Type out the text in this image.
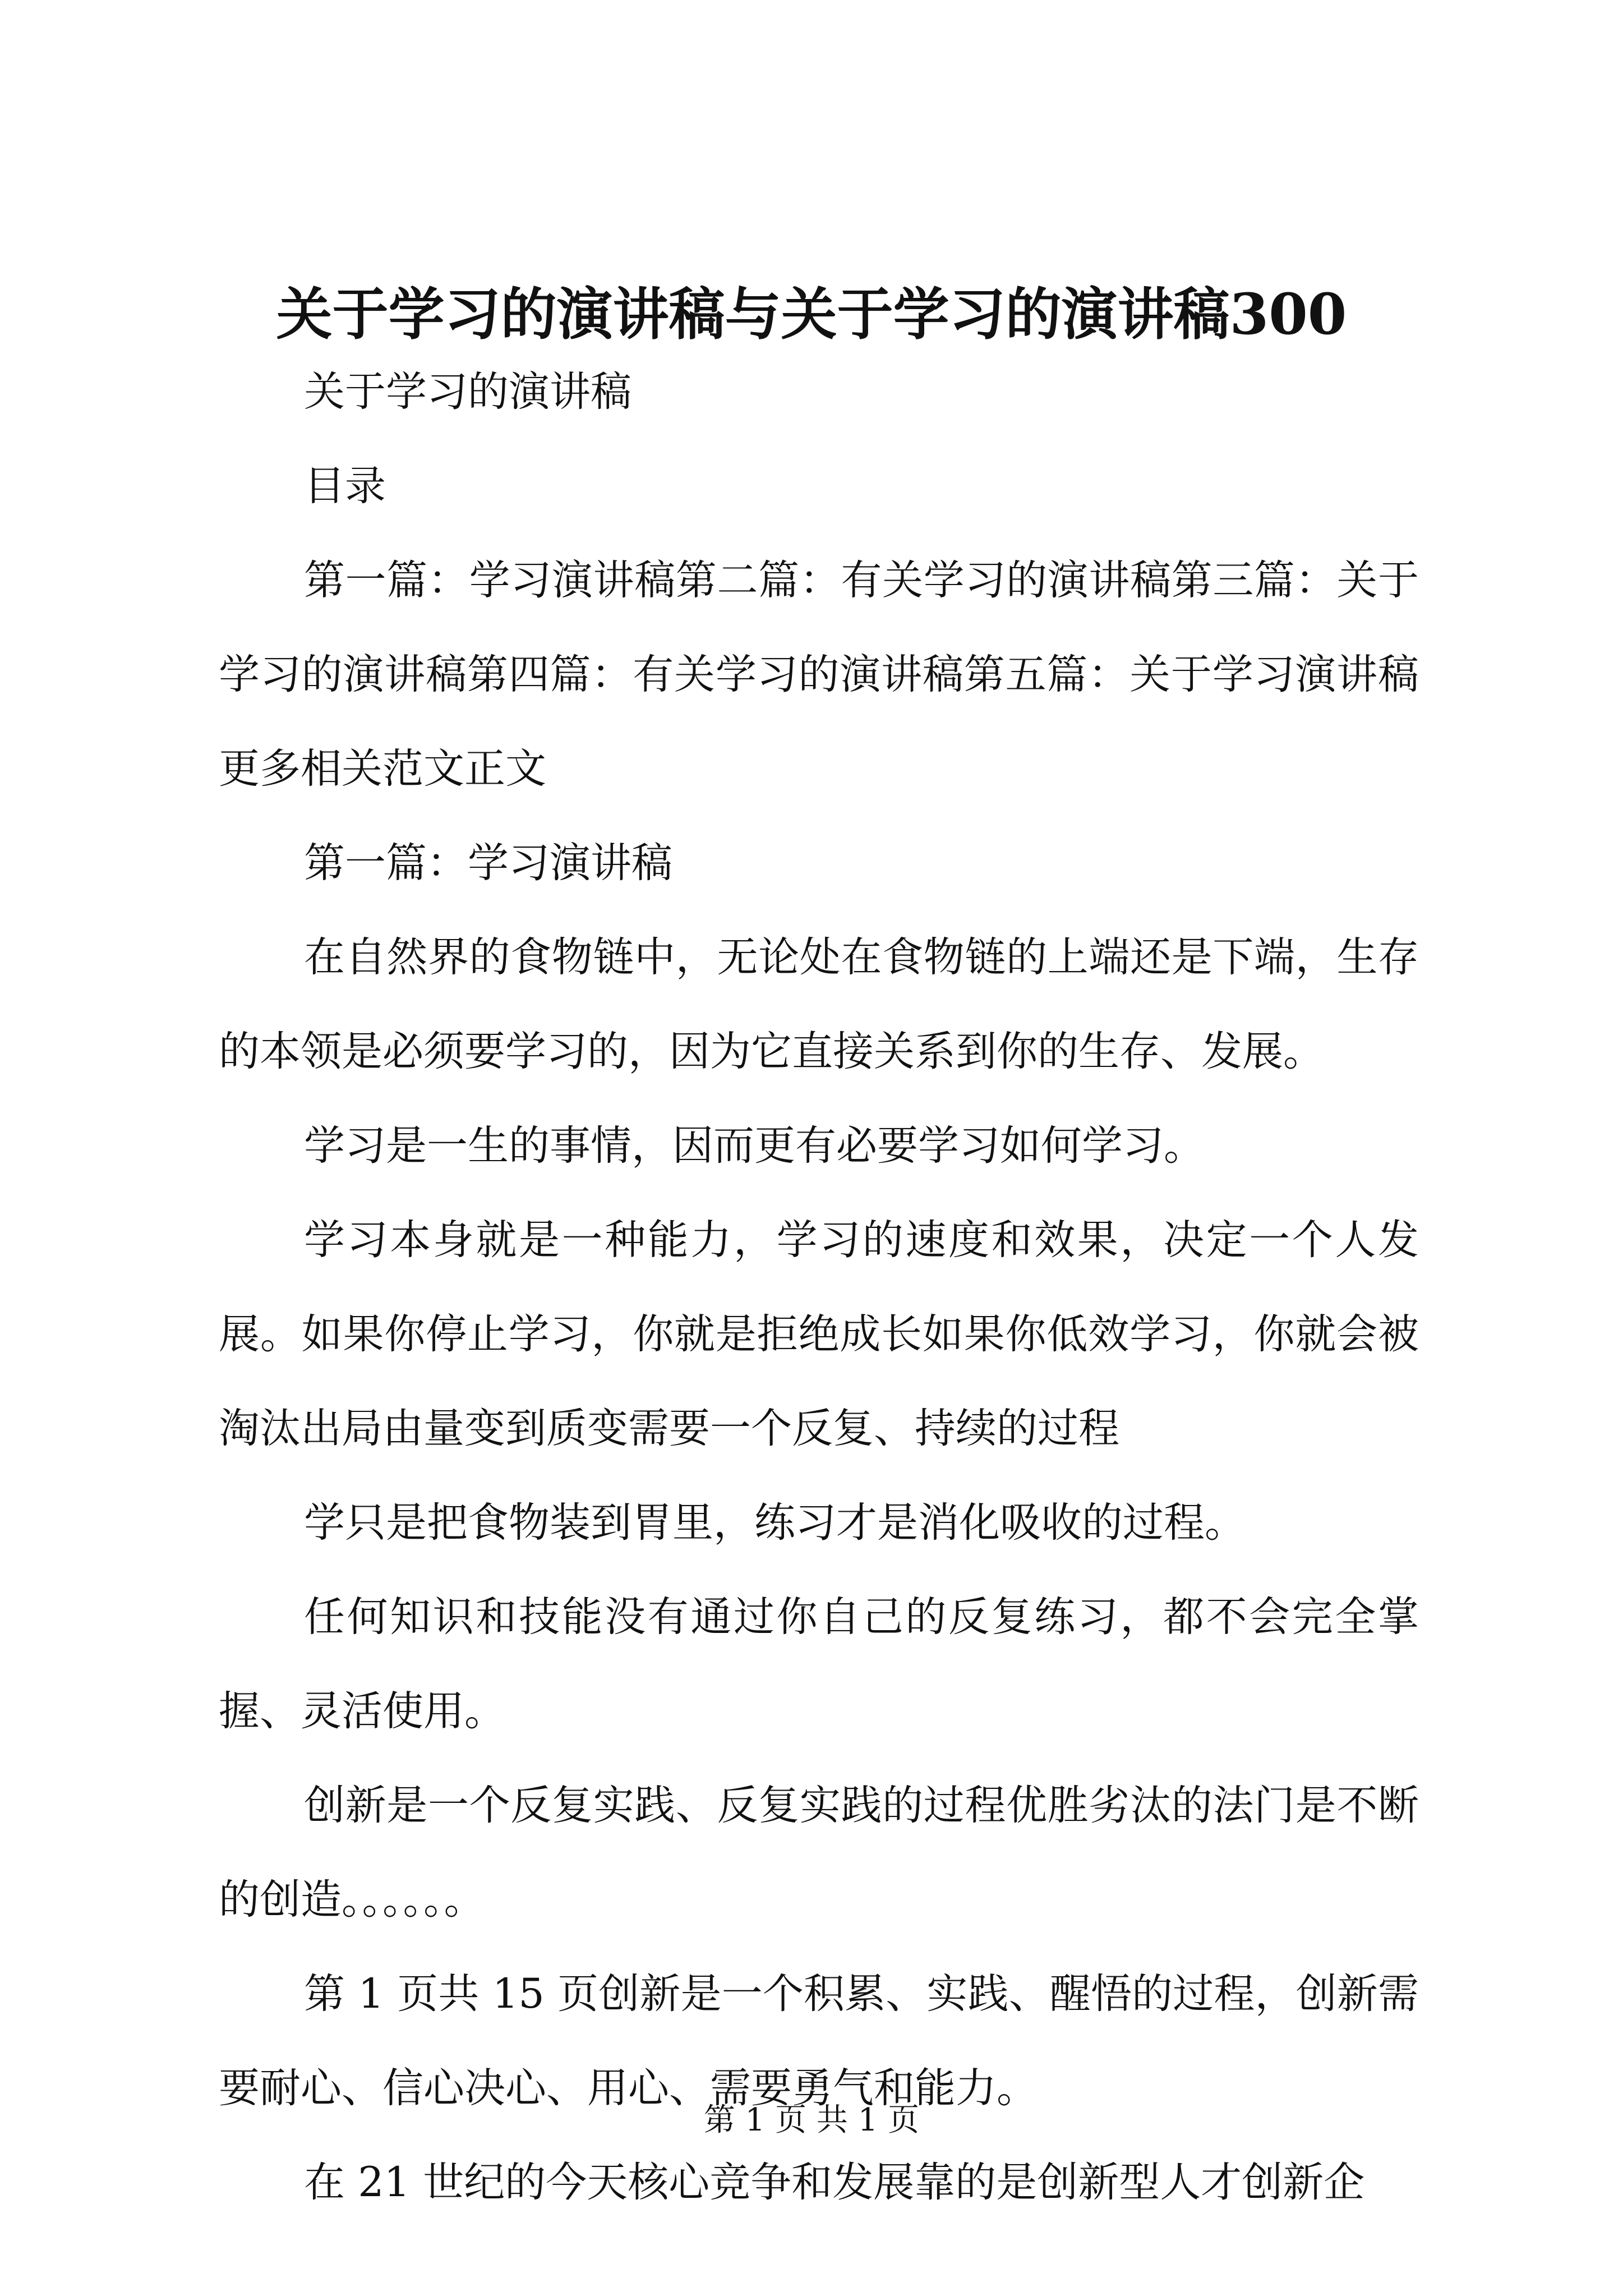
关于学习的演讲稿与关于学习的演讲稿300

关于学习的演讲稿

目录

第一篇：学习演讲稿第二篇：有关学习的演讲稿第三篇：关于学习的演讲稿第四篇：有关学习的演讲稿第五篇：关于学习演讲稿更多相关范文正文

第一篇：学习演讲稿

在自然界的食物链中，无论处在食物链的上端还是下端，生存的本领是必须要学习的，因为它直接关系到你的生存、发展。

学习是一生的事情，因而更有必要学习如何学习。

学习本身就是一种能力，学习的速度和效果，决定一个人发展。如果你停止学习，你就是拒绝成长如果你低效学习，你就会被淘汰出局由量变到质变需要一个反复、持续的过程

学只是把食物装到胃里，练习才是消化吸收的过程。

任何知识和技能没有通过你自己的反复练习，都不会完全掌握、灵活使用。

创新是一个反复实践、反复实践的过程优胜劣汰的法门是不断的创造。。。。。。

第 1 页共 15 页创新是一个积累、实践、醒悟的过程，创新需要耐心、信心决心、用心、需要勇气和能力。

在 21 世纪的今天核心竞争和发展靠的是创新型人才创新企

第 1 页 共 1 页
